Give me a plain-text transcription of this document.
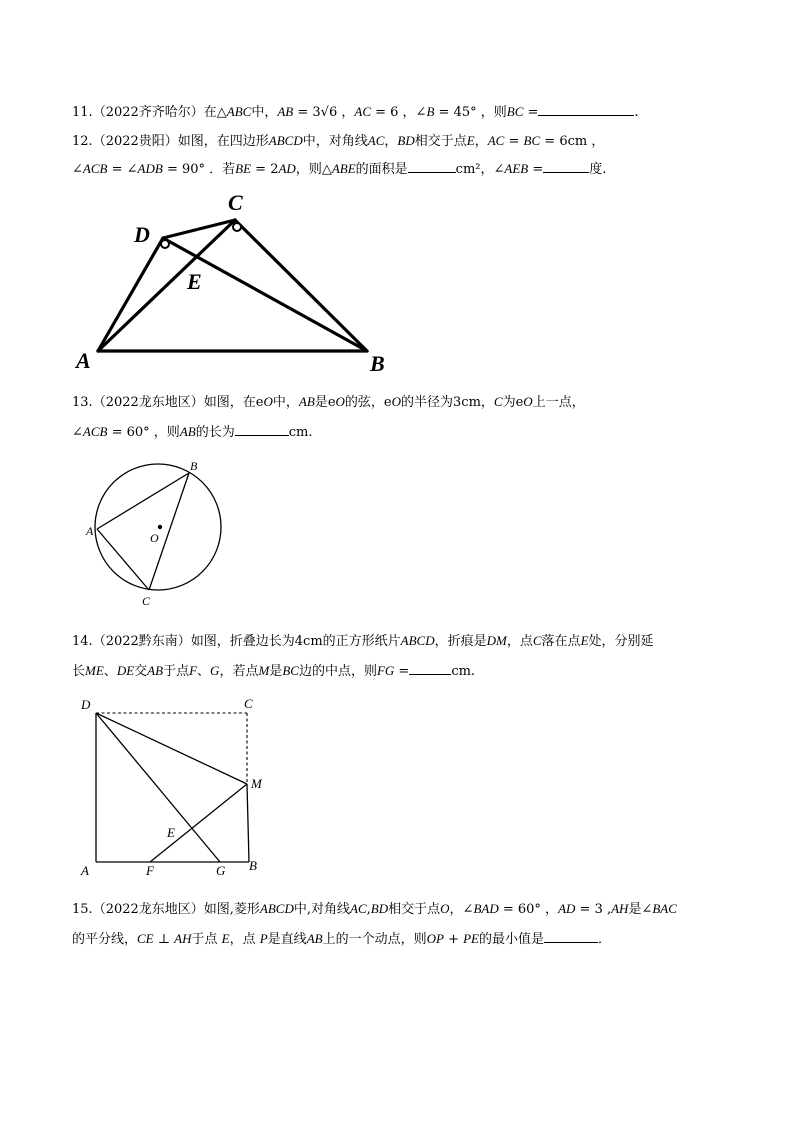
11.（2022齐齐哈尔）在△ABC中，AB = 3√6 ，AC = 6 ，∠B = 45° ，则BC =	.
12.（2022贵阳）如图，在四边形ABCD中，对角线AC，BD相交于点E，AC = BC = 6cm ，
∠ACB = ∠ADB = 90° ．若BE = 2AD，则△ABE的面积是	cm²，∠AEB =	度.
A	B
C
D
E
13.（2022龙东地区）如图，在eO中，AB是eO的弦，eO的半径为3cm，C为eO上一点，
∠ACB = 60° ，则AB的长为	cm.
A
B
C
O
14.（2022黔东南）如图，折叠边长为4cm的正方形纸片ABCD，折痕是DM，点C落在点E处，分别延
长ME、DE交AB于点F、G，若点M是BC边的中点，则FG =	cm.
D	C
M
E
A	F	G B
15.（2022龙东地区）如图,菱形ABCD中,对角线AC,BD相交于点O，∠BAD = 60° ，AD = 3 ,AH是∠BAC
的平分线，CE ⊥ AH于点 E，点 P是直线AB上的一个动点，则OP + PE的最小值是	．
